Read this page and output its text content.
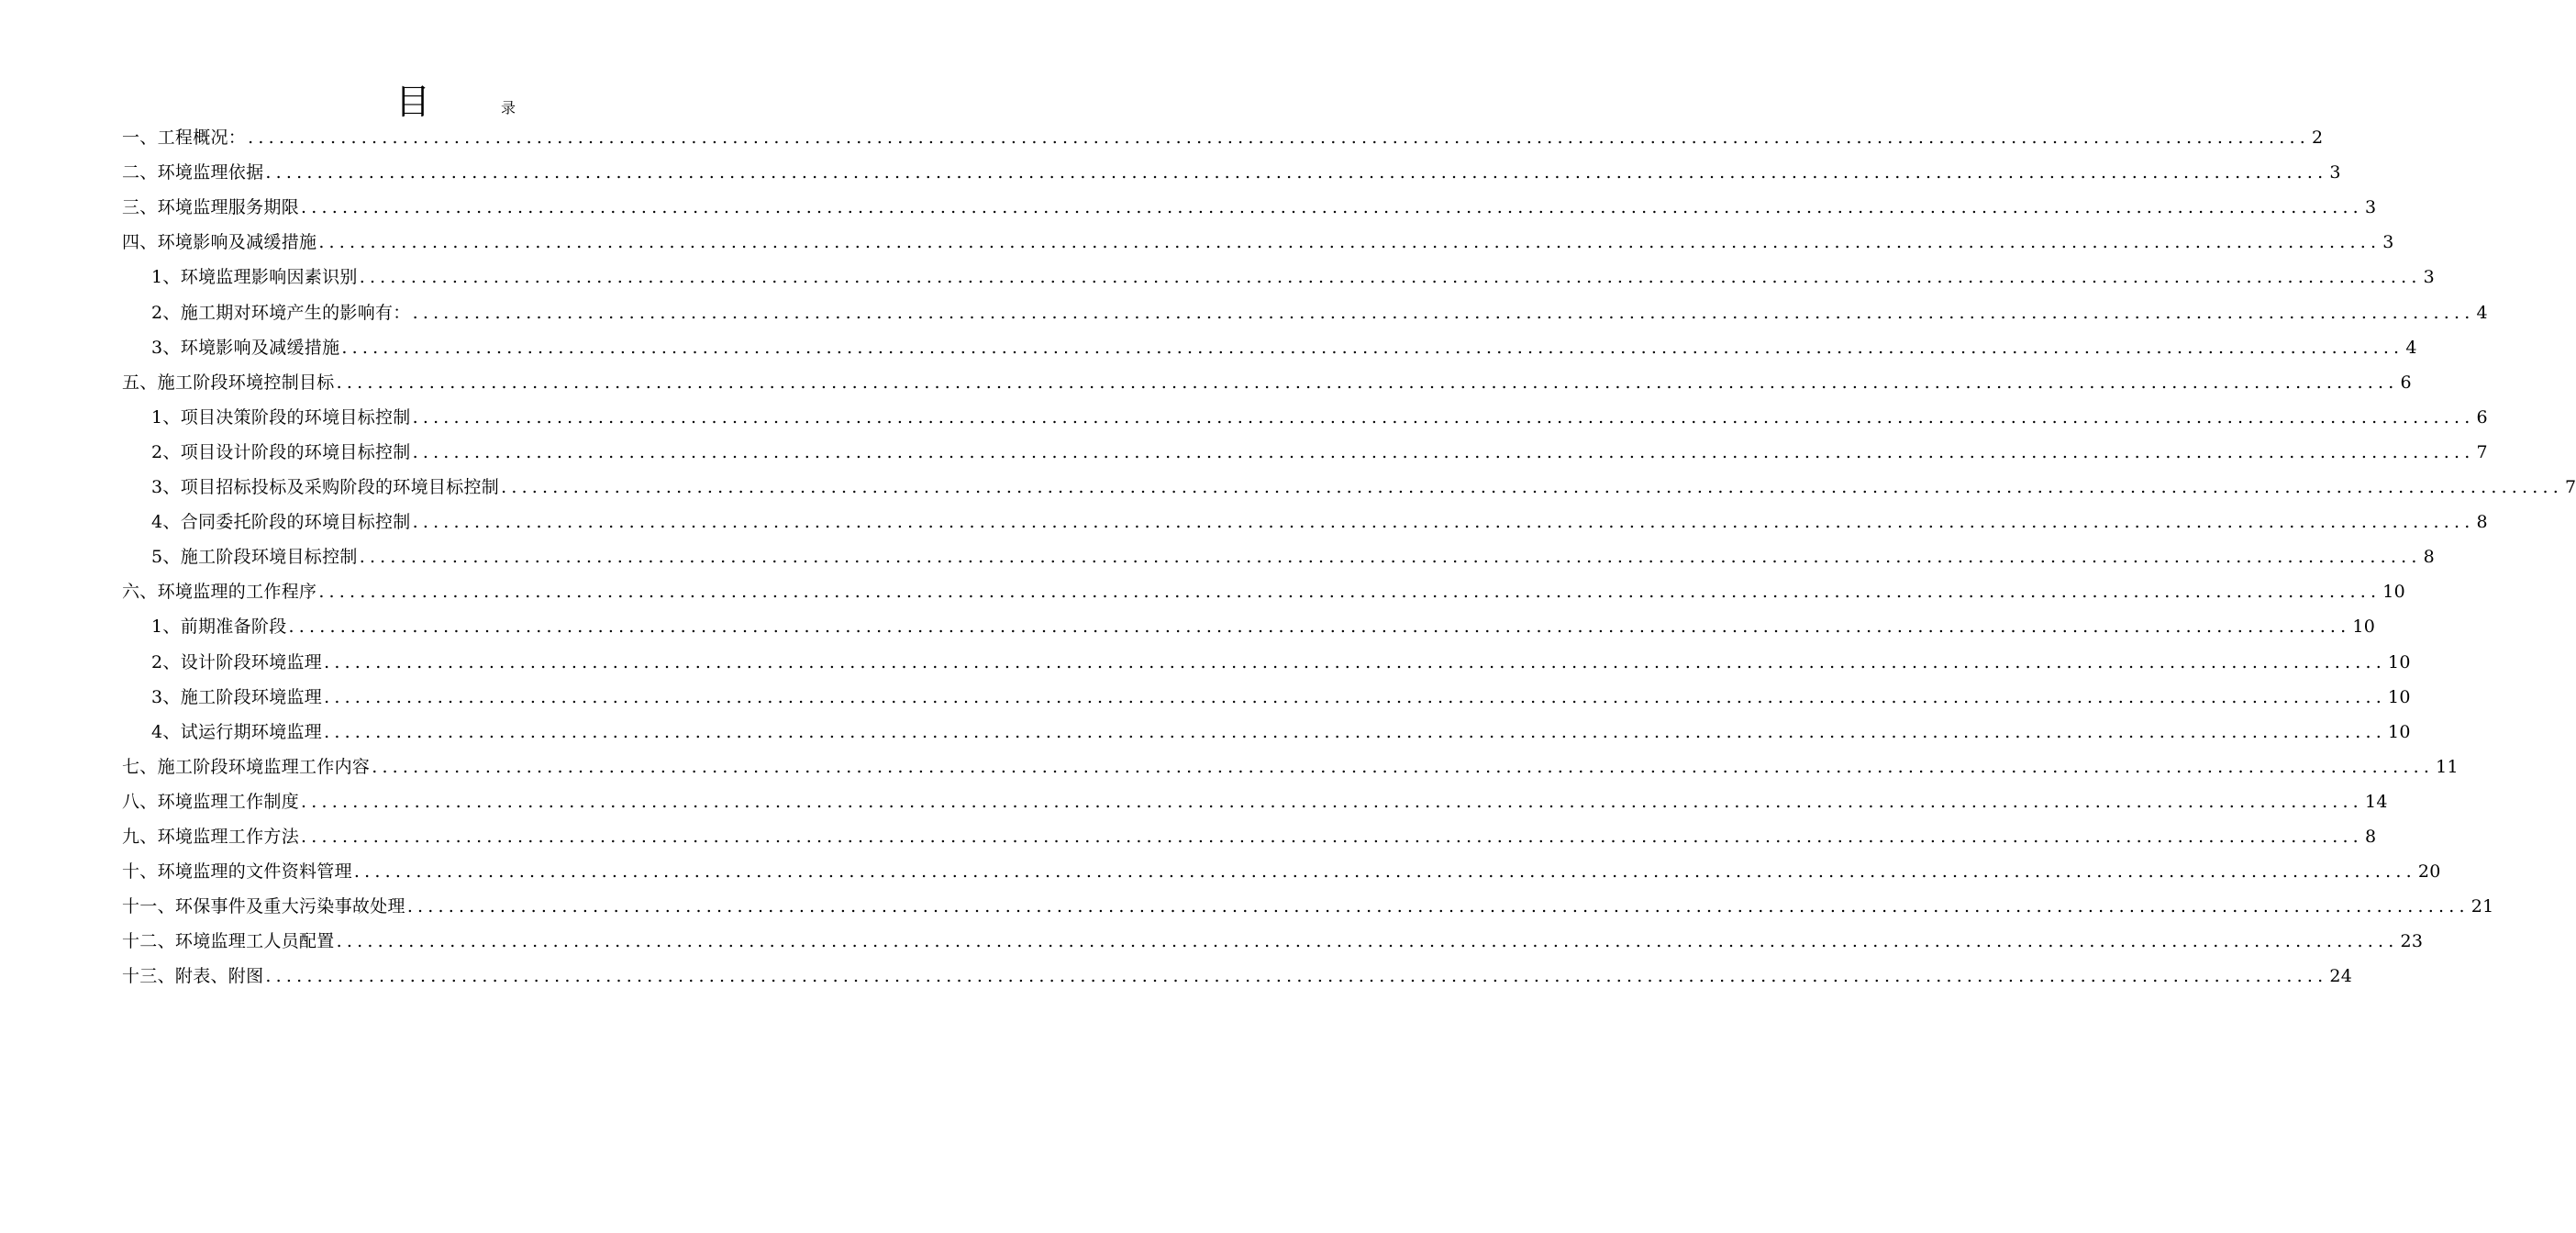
目	录
一、工程概况： ........................................................................................................................................................................................................ 2
二、环境监理依据 ........................................................................................................................................................................................................ 3
三、环境监理服务期限 ........................................................................................................................................................................................................ 3
四、环境影响及减缓措施 ........................................................................................................................................................................................................ 3
1、环境监理影响因素识别 ........................................................................................................................................................................................................ 3
2、施工期对环境产生的影响有： ........................................................................................................................................................................................................ 4
3、环境影响及减缓措施 ........................................................................................................................................................................................................ 4
五、施工阶段环境控制目标 ........................................................................................................................................................................................................ 6
1、项目决策阶段的环境目标控制 ........................................................................................................................................................................................................ 6
2、项目设计阶段的环境目标控制 ........................................................................................................................................................................................................ 7
3、项目招标投标及采购阶段的环境目标控制 ........................................................................................................................................................................................................ 7
4、合同委托阶段的环境目标控制 ........................................................................................................................................................................................................ 8
5、施工阶段环境目标控制 ........................................................................................................................................................................................................ 8
六、环境监理的工作程序 ........................................................................................................................................................................................................ 10
1、前期准备阶段 ........................................................................................................................................................................................................ 10
2、设计阶段环境监理 ........................................................................................................................................................................................................ 10
3、施工阶段环境监理 ........................................................................................................................................................................................................ 10
4、试运行期环境监理 ........................................................................................................................................................................................................ 10
七、施工阶段环境监理工作内容 ........................................................................................................................................................................................................ 11
八、环境监理工作制度 ........................................................................................................................................................................................................ 14
九、环境监理工作方法 ........................................................................................................................................................................................................ 8
十、环境监理的文件资料管理 ........................................................................................................................................................................................................ 20
十一、环保事件及重大污染事故处理 ........................................................................................................................................................................................................ 21
十二、环境监理工人员配置 ........................................................................................................................................................................................................ 23
十三、附表、附图 ........................................................................................................................................................................................................ 24
